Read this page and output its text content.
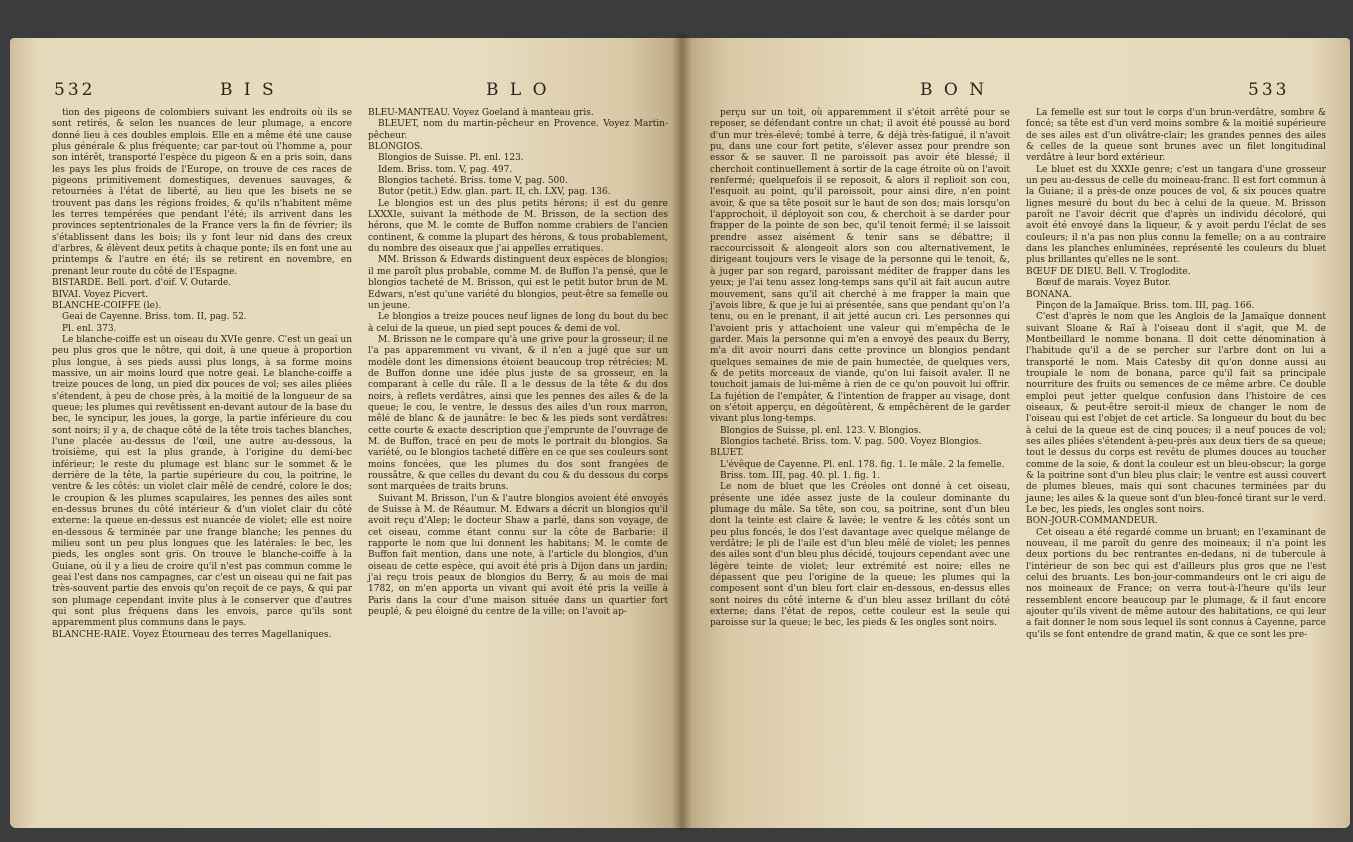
532	B I S	B L O

tion des pigeons de colombiers suivant les endroits où ils se sont retirés, & selon les nuances de leur plumage, a encore donné lieu à ces doubles emplois. Elle en a même été une cause plus générale & plus fréquente; car par-tout où l'homme a, pour son intérêt, transporté l'espèce du pigeon & en a pris soin, dans les pays les plus froids de l'Europe, on trouve de ces races de pigeons primitivement domestiques, devenues sauvages, & retournées à l'état de liberté, au lieu que les bisets ne se trouvent pas dans les régions froides, & qu'ils n'habitent même les terres tempérées que pendant l'été; ils arrivent dans les provinces septentrionales de la France vers la fin de février; ils s'établissent dans les bois; ils y font leur nid dans des creux d'arbres, & élèvent deux petits à chaque ponte; ils en font une au printemps & l'autre en été; ils se retirent en novembre, en prenant leur route du côté de l'Espagne.

BISTARDE. Bell. port. d'oif. V. Outarde.

BIVAI. Voyez Picvert.

BLANCHE-COIFFE (le).

Geai de Cayenne. Briss. tom. II, pag. 52.

Pl. enl. 373.

Le blanche-coiffe est un oiseau du XVIe genre. C'est un geai un peu plus gros que le nôtre, qui doit, à une queue à proportion plus longue, à ses pieds aussi plus longs, à sa forme moins massive, un air moins lourd que notre geai. Le blanche-coiffe a treize pouces de long, un pied dix pouces de vol; ses ailes pliées s'étendent, à peu de chose près, à la moitié de la longueur de sa queue; les plumes qui revêtissent en-devant autour de la base du bec, le syncipur, les joues, la gorge, la partie inférieure du cou sont noirs; il y a, de chaque côté de la tête trois taches blanches, l'une placée au-dessus de l'œil, une autre au-dessous, la troisième, qui est la plus grande, à l'origine du demi-bec inférieur; le reste du plumage est blanc sur le sommet & le derrière de la tête, la partie supérieure du cou, la poitrine, le ventre & les côtés: un violet clair mêlé de cendré, colore le dos; le croupion & les plumes scapulaires, les pennes des ailes sont en-dessus brunes du côté intérieur & d'un violet clair du côté externe: la queue en-dessus est nuancée de violet; elle est noire en-dessous & terminée par une frange blanche; les pennes du milieu sont un peu plus longues que les latérales: le bec, les pieds, les ongles sont gris. On trouve le blanche-coiffe à la Guiane, où il y a lieu de croire qu'il n'est pas commun comme le geai l'est dans nos campagnes, car c'est un oiseau qui ne fait pas très-souvent partie des envois qu'on reçoit de ce pays, & qui par son plumage cependant invite plus à le conserver que d'autres qui sont plus fréquens dans les envois, parce qu'ils sont apparemment plus communs dans le pays.

BLANCHE-RAIE. Voyez Étourneau des terres Magellaniques.

BLEU-MANTEAU. Voyez Goeland à manteau gris.

BLEUET, nom du martin-pêcheur en Provence. Voyez Martin-pêcheur.

BLONGIOS.

Blongios de Suisse. Pl. enl. 123.

Idem. Briss. tom. V, pag. 497.

Blongios tacheté. Briss. tome V, pag. 500.

Butor (petit.) Edw. glan. part. II, ch. LXV, pag. 136.

Le blongios est un des plus petits hérons; il est du genre LXXXIe, suivant la méthode de M. Brisson, de la section des hérons, que M. le comte de Buffon nomme crabiers de l'ancien continent, & comme la plupart des hérons, & tous probablement, du nombre des oiseaux que j'ai appelles erratiques.

MM. Brisson & Edwards distinguent deux espèces de blongios; il me paroît plus probable, comme M. de Buffon l'a pensé, que le blongios tacheté de M. Brisson, qui est le petit butor brun de M. Edwars, n'est qu'une variété du blongios, peut-être sa femelle ou un jeune.

Le blongios a treize pouces neuf lignes de long du bout du bec à celui de la queue, un pied sept pouces & demi de vol.

M. Brisson ne le compare qu'à une grive pour la grosseur; il ne l'a pas apparemment vu vivant, & il n'en a jugé que sur un modèle dont les dimensions étoient beaucoup trop rétrécies; M. de Buffon donne une idée plus juste de sa grosseur, en la comparant à celle du râle. Il a le dessus de la tête & du dos noirs, à reflets verdâtres, ainsi que les pennes des ailes & de la queue; le cou, le ventre, le dessus des ailes d'un roux marron, mêlé de blanc & de jaunâtre: le bec & les pieds sont verdâtres: cette courte & exacte description que j'emprunte de l'ouvrage de M. de Buffon, tracé en peu de mots le portrait du blongios. Sa variété, ou le blongios tacheté diffère en ce que ses couleurs sont moins foncées, que les plumes du dos sont frangées de roussâtre, & que celles du devant du cou & du dessous du corps sont marquées de traits bruns.

Suivant M. Brisson, l'un & l'autre blongios avoient été envoyés de Suisse à M. de Réaumur. M. Edwars a décrit un blongios qu'il avoit reçu d'Alep; le docteur Shaw a parlé, dans son voyage, de cet oiseau, comme étant connu sur la côte de Barbarie: il rapporte le nom que lui donnent les habitans; M. le comte de Buffon fait mention, dans une note, à l'article du blongios, d'un oiseau de cette espèce, qui avoit été pris à Dijon dans un jardin; j'ai reçu trois peaux de blongios du Berry, & au mois de mai 1782, on m'en apporta un vivant qui avoit été pris la veille à Paris dans la cour d'une maison située dans un quartier fort peuplé, & peu éloigné du centre de la ville; on l'avoit ap-

B O N	533

perçu sur un toit, où apparemment il s'étoit arrêté pour se reposer, se défendant contre un chat; il avoit été poussé au bord d'un mur très-élevé; tombé à terre, & déjà très-fatigué, il n'avoit pu, dans une cour fort petite, s'élever assez pour prendre son essor & se sauver. Il ne paroissoit pas avoir été blessé; il cherchoit continuellement à sortir de la cage étroite où on l'avoit renfermé; quelquefois il se reposoit, & alors il replioit son cou, l'esquoit au point, qu'il paroissoit, pour ainsi dire, n'en point avoir, & que sa tête posoit sur le haut de son dos; mais lorsqu'on l'approchoit, il déployoit son cou, & cherchoit à se darder pour frapper de la pointe de son bec, qu'il tenoit fermé; il se laissoit prendre assez aisément & tenir sans se débattre; il raccourcissoit & alongeoit alors son cou alternativement, le dirigeant toujours vers le visage de la personne qui le tenoit, &, à juger par son regard, paroissant méditer de frapper dans les yeux; je l'ai tenu assez long-temps sans qu'il ait fait aucun autre mouvement, sans qu'il ait cherché à me frapper la main que j'avois libre, & que je lui ai présentée, sans que pendant qu'on l'a tenu, ou en le prenant, il ait jetté aucun cri. Les personnes qui l'avoient pris y attachoient une valeur qui m'empêcha de le garder. Mais la personne qui m'en a envoyé des peaux du Berry, m'a dit avoir nourri dans cette province un blongios pendant quelques semaines de mie de pain humectée, de quelques vers, & de petits morceaux de viande, qu'on lui faisoit avaler. Il ne touchoit jamais de lui-même à rien de ce qu'on pouvoit lui offrir. La fujétion de l'empâter, & l'intention de frapper au visage, dont on s'étoit apperçu, en dégoûtèrent, & empêchèrent de le garder vivant plus long-temps.

Blongios de Suisse, pl. enl. 123. V. Blongios.

Blongios tacheté. Briss. tom. V. pag. 500. Voyez Blongios.

BLUET.

L'évêque de Cayenne. Pl. enl. 178. fig. 1. le mâle. 2 la femelle.

Briss. tom. III, pag. 40. pl. 1. fig. 1.

Le nom de bluet que les Créoles ont donné à cet oiseau, présente une idée assez juste de la couleur dominante du plumage du mâle. Sa tête, son cou, sa poitrine, sont d'un bleu dont la teinte est claire & lavée; le ventre & les côtés sont un peu plus foncés, le dos l'est davantage avec quelque mélange de verdâtre; le pli de l'aile est d'un bleu mêlé de violet; les pennes des ailes sont d'un bleu plus décidé, toujours cependant avec une légère teinte de violet; leur extrémité est noire; elles ne dépassent que peu l'origine de la queue; les plumes qui la composent sont d'un bleu fort clair en-dessous, en-dessus elles sont noires du côté interne & d'un bleu assez brillant du côté externe; dans l'état de repos, cette couleur est la seule qui paroisse sur la queue; le bec, les pieds & les ongles sont noirs.

La femelle est sur tout le corps d'un brun-verdâtre, sombre & foncé; sa tête est d'un verd moins sombre & la moitié supérieure de ses ailes est d'un olivâtre-clair; les grandes pennes des ailes & celles de la queue sont brunes avec un filet longitudinal verdâtre à leur bord extérieur.

Le bluet est du XXXIe genre; c'est un tangara d'une grosseur un peu au-dessus de celle du moineau-franc. Il est fort commun à la Guiane; il a près-de onze pouces de vol, & six pouces quatre lignes mesuré du bout du bec à celui de la queue. M. Brisson paroît ne l'avoir décrit que d'après un individu décoloré, qui avoit été envoyé dans la liqueur, & y avoit perdu l'éclat de ses couleurs; il n'a pas non plus connu la femelle; on a au contraire dans les planches enluminées, représenté les couleurs du bluet plus brillantes qu'elles ne le sont.

BŒUF DE DIEU. Bell. V. Troglodite.

Bœuf de marais. Voyez Butor.

BONANA.

Pinçon de la Jamaïque. Briss. tom. III, pag. 166.

C'est d'après le nom que les Anglois de la Jamaïque donnent suivant Sloane & Raï à l'oiseau dont il s'agit, que M. de Montbeillard le nomme bonana. Il doit cette dénomination à l'habitude qu'il a de se percher sur l'arbre dont on lui a transporté le nom. Mais Catesby dit qu'on donne aussi au troupiale le nom de bonana, parce qu'il fait sa principale nourriture des fruits ou semences de ce même arbre. Ce double emploi peut jetter quelque confusion dans l'histoire de ces oiseaux, & peut-être seroit-il mieux de changer le nom de l'oiseau qui est l'objet de cet article. Sa longueur du bout du bec à celui de la queue est de cinq pouces; il a neuf pouces de vol; ses ailes pliées s'étendent à-peu-près aux deux tiers de sa queue; tout le dessus du corps est revêtu de plumes douces au toucher comme de la soie, & dont la couleur est un bleu-obscur; la gorge & la poitrine sont d'un bleu plus clair; le ventre est aussi couvert de plumes bleues, mais qui sont chacunes terminées par du jaune; les ailes & la queue sont d'un bleu-foncé tirant sur le verd. Le bec, les pieds, les ongles sont noirs.

BON-JOUR-COMMANDEUR.

Cet oiseau a été regardé comme un bruant; en l'examinant de nouveau, il me paroît du genre des moineaux; il n'a point les deux portions du bec rentrantes en-dedans, ni de tubercule à l'intérieur de son bec qui est d'ailleurs plus gros que ne l'est celui des bruants. Les bon-jour-commandeurs ont le cri aigu de nos moineaux de France; on verra tout-à-l'heure qu'ils leur ressemblent encore beaucoup par le plumage, & il faut encore ajouter qu'ils vivent de même autour des habitations, ce qui leur a fait donner le nom sous lequel ils sont connus à Cayenne, parce qu'ils se font entendre de grand matin, & que ce sont les pre-
